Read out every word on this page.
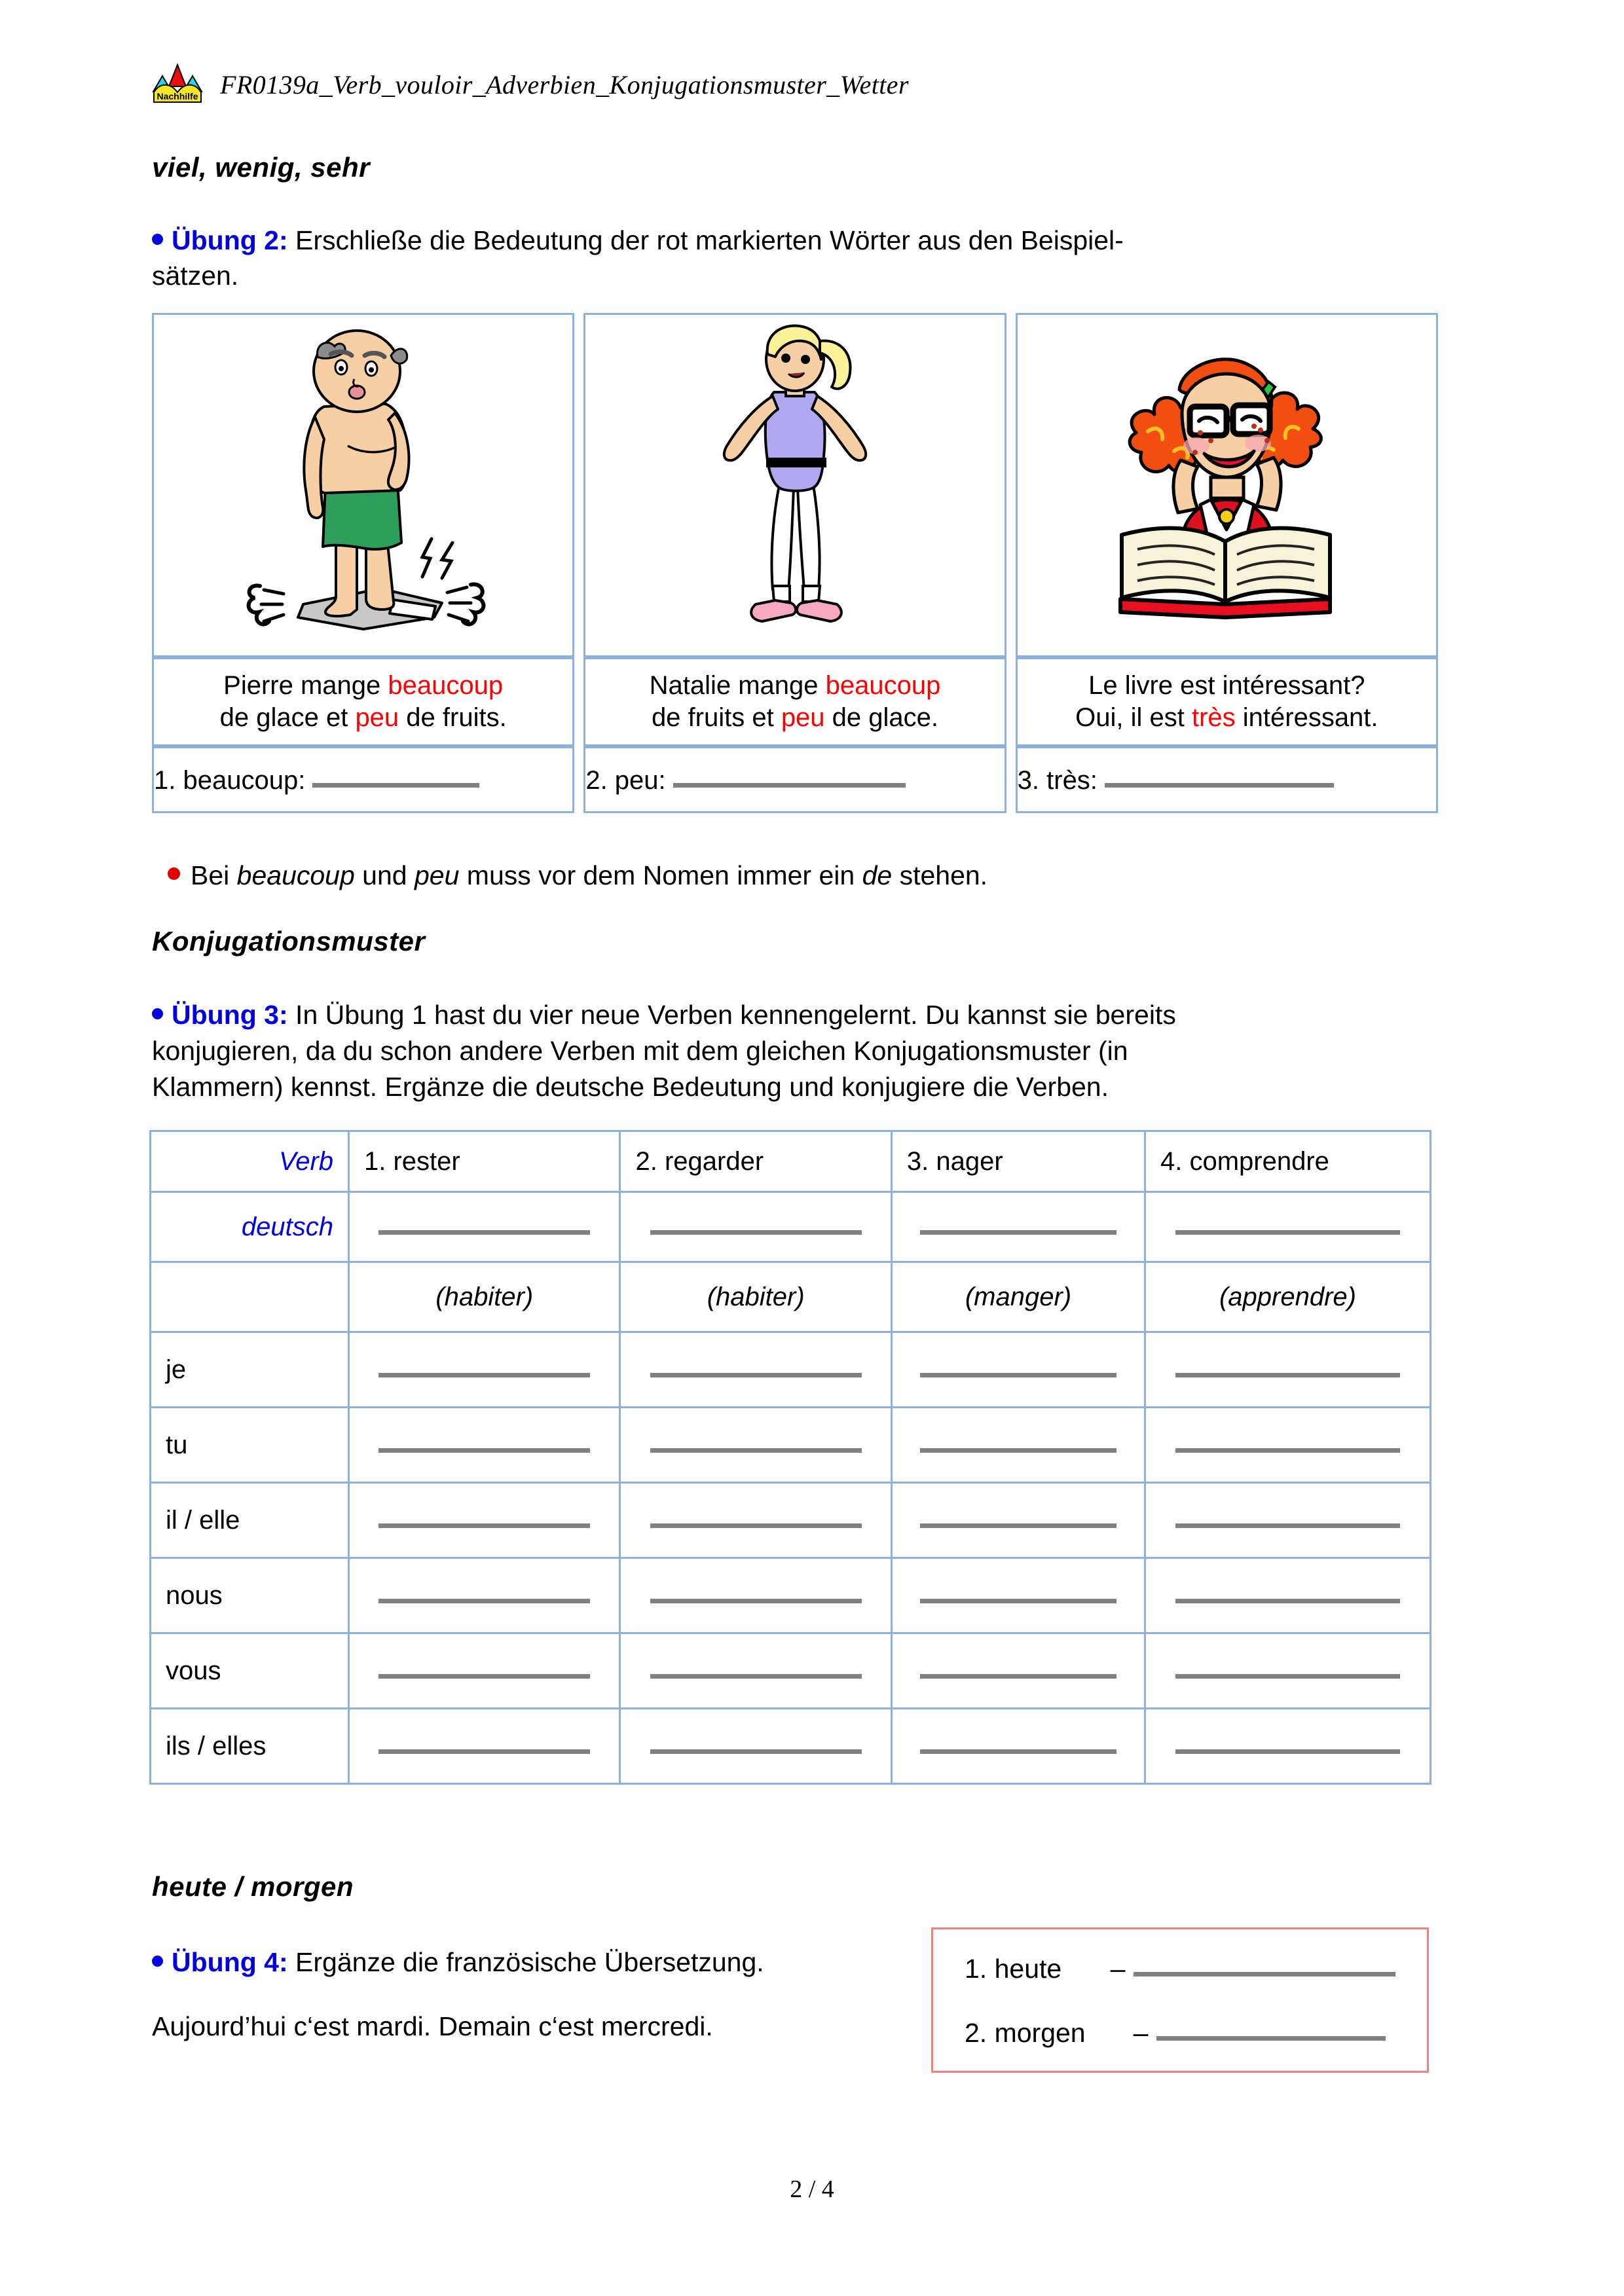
Nachhilfe FR0139a_Verb_vouloir_Adverbien_Konjugationsmuster_Wetter
viel, wenig, sehr
Übung 2: Erschließe die Bedeutung der rot markierten Wörter aus den Beispiel-
sätzen.

Pierre mange beaucoup
de glace et peu de fruits.	Natalie mange beaucoup
de fruits et peu de glace.	Le livre est intéressant?
Oui, il est très intéressant.
1. beaucoup:	2. peu:	3. très:
Bei beaucoup und peu muss vor dem Nomen immer ein de stehen.
Konjugationsmuster
Übung 3: In Übung 1 hast du vier neue Verben kennengelernt. Du kannst sie bereits
konjugieren, da du schon andere Verben mit dem gleichen Konjugationsmuster (in
Klammern) kennst. Ergänze die deutsche Bedeutung und konjugiere die Verben.
Verb	1. rester	2. regarder	3. nager	4. comprendre
deutsch				
	(habiter)	(habiter)	(manger)	(apprendre)
je				
tu				
il / elle				
nous				
vous				
ils / elles				
heute / morgen
Übung 4: Ergänze die französische Übersetzung.
Aujourd’hui c‘est mardi. Demain c‘est mercredi.
1. heute –
2. morgen –
2 / 4
